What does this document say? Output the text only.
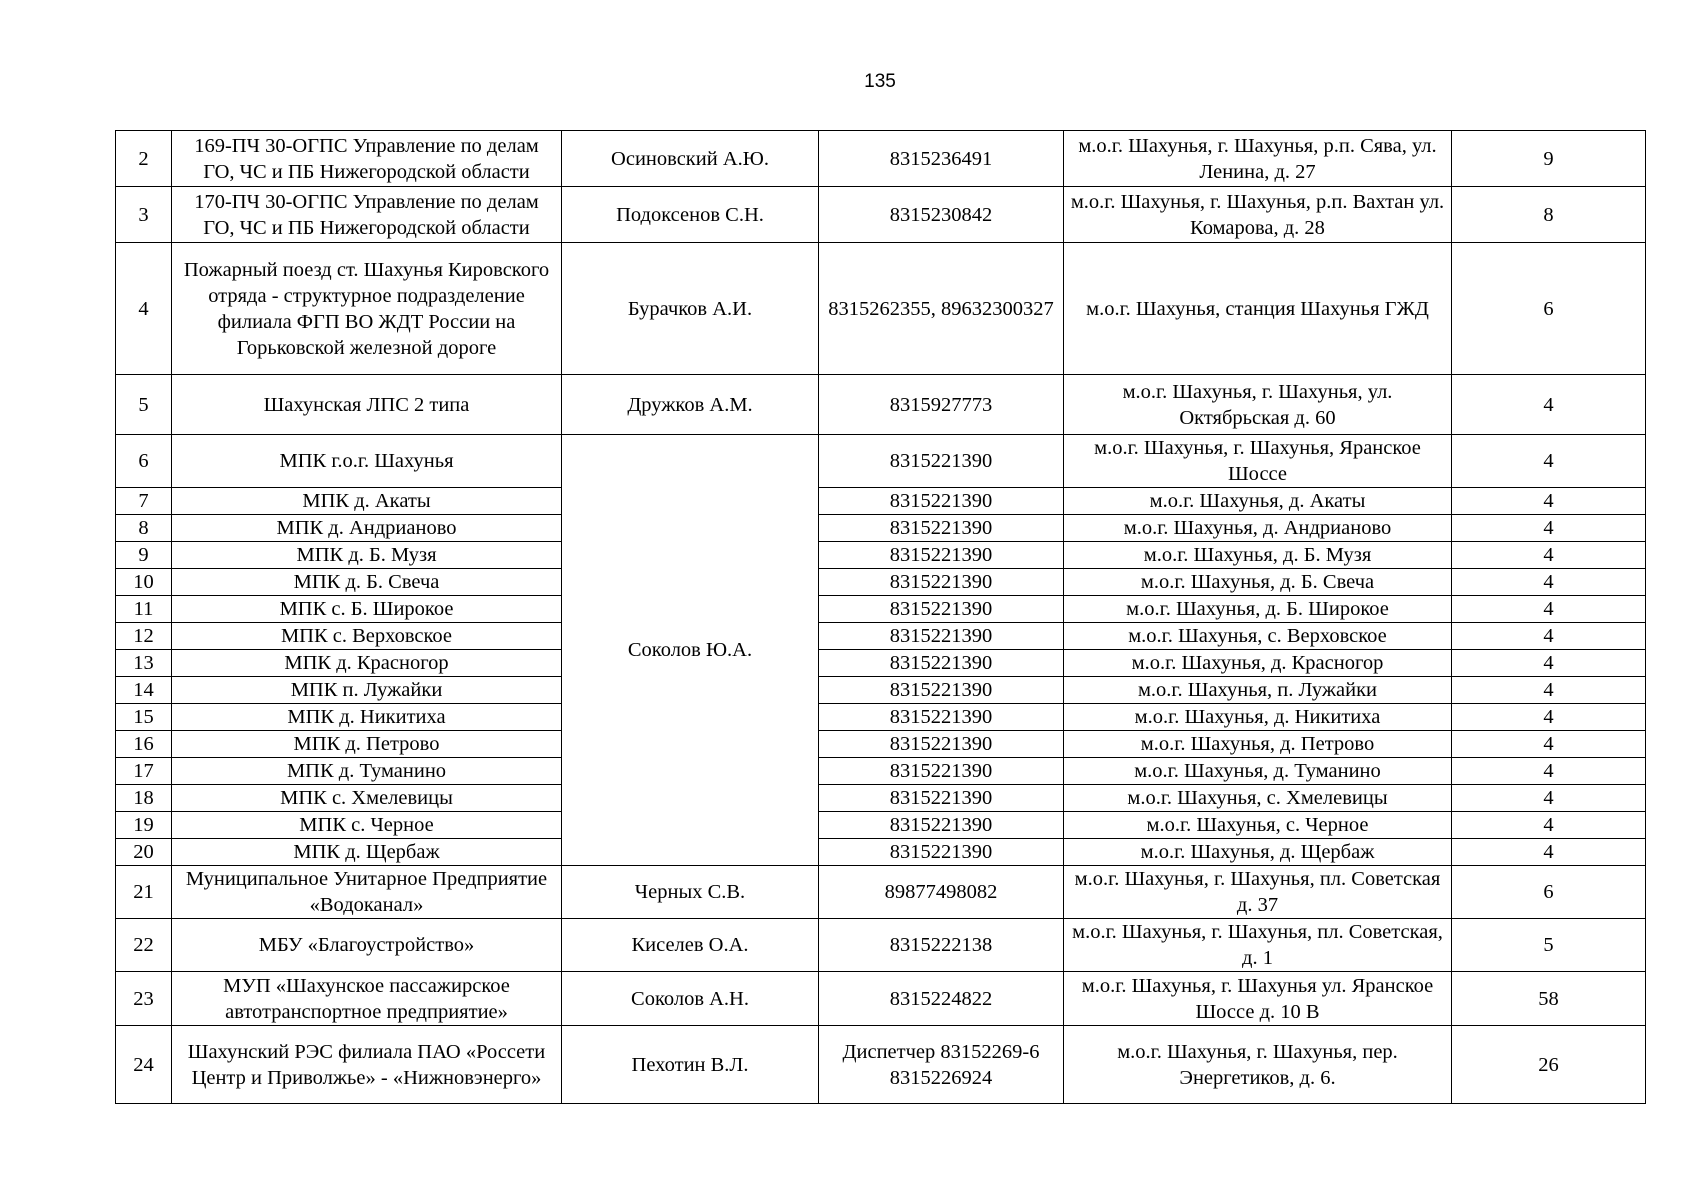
135
2	169-ПЧ 30-ОГПС Управление по делам ГО, ЧС и ПБ Нижегородской области	Осиновский А.Ю.	8315236491	м.о.г. Шахунья, г. Шахунья, р.п. Сява, ул. Ленина, д. 27	9
3	170-ПЧ 30-ОГПС Управление по делам ГО, ЧС и ПБ Нижегородской области	Подоксенов С.Н.	8315230842	м.о.г. Шахунья, г. Шахунья, р.п. Вахтан ул. Комарова, д. 28	8
4	Пожарный поезд ст. Шахунья Кировского отряда - структурное подразделение филиала ФГП ВО ЖДТ России на Горьковской железной дороге	Бурачков А.И.	8315262355, 89632300327	м.о.г. Шахунья, станция Шахунья ГЖД	6
5	Шахунская ЛПС 2 типа	Дружков А.М.	8315927773	м.о.г. Шахунья, г. Шахунья, ул. Октябрьская д. 60	4
6	МПК г.о.г. Шахунья	Соколов Ю.А.	8315221390	м.о.г. Шахунья, г. Шахунья, Яранское Шоссе	4
7	МПК д. Акаты		8315221390	м.о.г. Шахунья, д. Акаты	4
8	МПК д. Андрианово		8315221390	м.о.г. Шахунья, д. Андрианово	4
9	МПК д. Б. Музя		8315221390	м.о.г. Шахунья, д. Б. Музя	4
10	МПК д. Б. Свеча		8315221390	м.о.г. Шахунья, д. Б. Свеча	4
11	МПК с. Б. Широкое		8315221390	м.о.г. Шахунья, д. Б. Широкое	4
12	МПК с. Верховское		8315221390	м.о.г. Шахунья, с. Верховское	4
13	МПК д. Красногор		8315221390	м.о.г. Шахунья, д. Красногор	4
14	МПК п. Лужайки		8315221390	м.о.г. Шахунья, п. Лужайки	4
15	МПК д. Никитиха		8315221390	м.о.г. Шахунья, д. Никитиха	4
16	МПК д. Петрово		8315221390	м.о.г. Шахунья, д. Петрово	4
17	МПК д. Туманино		8315221390	м.о.г. Шахунья, д. Туманино	4
18	МПК с. Хмелевицы		8315221390	м.о.г. Шахунья, с. Хмелевицы	4
19	МПК с. Черное		8315221390	м.о.г. Шахунья, с. Черное	4
20	МПК д. Щербаж		8315221390	м.о.г. Шахунья, д. Щербаж	4
21	Муниципальное Унитарное Предприятие «Водоканал»	Черных С.В.	89877498082	м.о.г. Шахунья, г. Шахунья, пл. Советская д. 37	6
22	МБУ «Благоустройство»	Киселев О.А.	8315222138	м.о.г. Шахунья, г. Шахунья, пл. Советская, д. 1	5
23	МУП «Шахунское пассажирское автотранспортное предприятие»	Соколов А.Н.	8315224822	м.о.г. Шахунья, г. Шахунья ул. Яранское Шоссе д. 10 В	58
24	Шахунский РЭС филиала ПАО «Россети Центр и Приволжье» - «Нижновэнерго»	Пехотин В.Л.	Диспетчер 83152269-6 8315226924	м.о.г. Шахунья, г. Шахунья, пер. Энергетиков, д. 6.	26
